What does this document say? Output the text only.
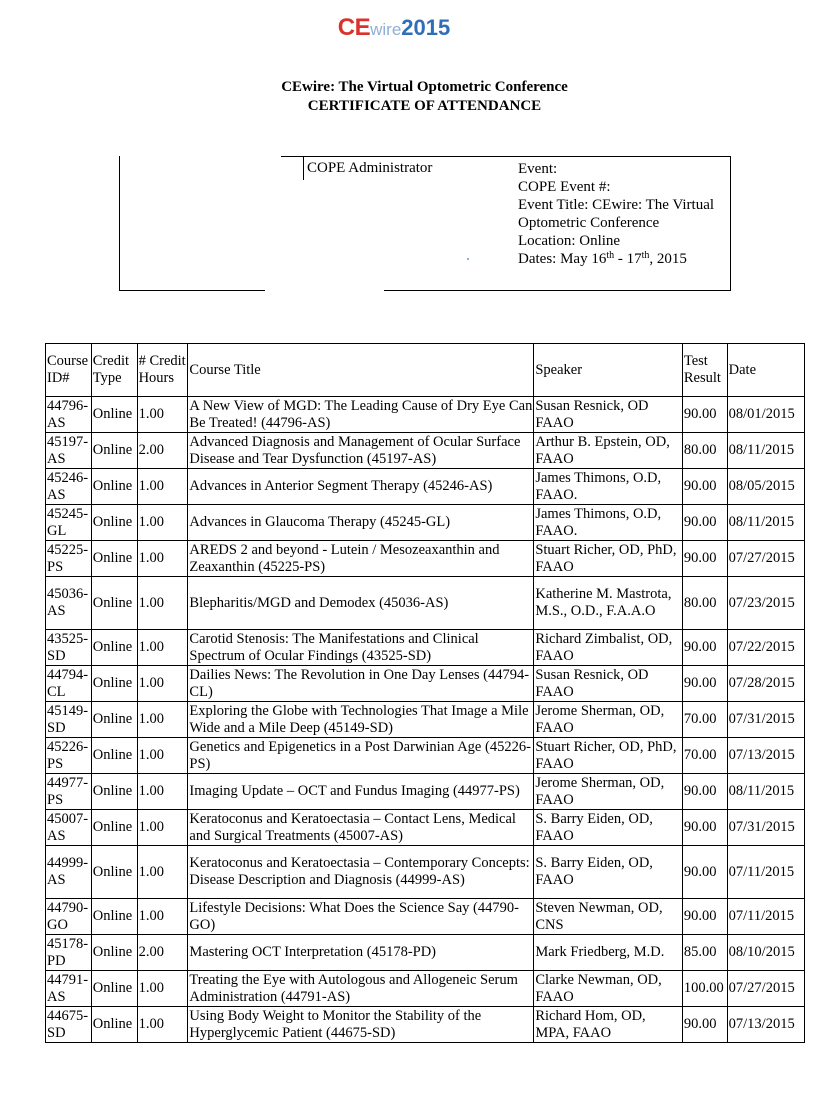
CEwire2015
CEwire: The Virtual Optometric Conference
CERTIFICATE OF ATTENDANCE
COPE Administrator	Event:
COPE Event #:
Event Title: CEwire: The Virtual Optometric Conference
Location: Online
Dates: May 16th - 17th, 2015
Course ID#	Credit Type	# Credit Hours	Course Title	Speaker	Test Result	Date
44796-AS	Online	1.00	A New View of MGD: The Leading Cause of Dry Eye Can Be Treated! (44796-AS)	Susan Resnick, OD FAAO	90.00	08/01/2015
45197-AS	Online	2.00	Advanced Diagnosis and Management of Ocular Surface Disease and Tear Dysfunction (45197-AS)	Arthur B. Epstein, OD, FAAO	80.00	08/11/2015
45246-AS	Online	1.00	Advances in Anterior Segment Therapy (45246-AS)	James Thimons, O.D, FAAO.	90.00	08/05/2015
45245-GL	Online	1.00	Advances in Glaucoma Therapy (45245-GL)	James Thimons, O.D, FAAO.	90.00	08/11/2015
45225-PS	Online	1.00	AREDS 2 and beyond - Lutein / Mesozeaxanthin and Zeaxanthin (45225-PS)	Stuart Richer, OD, PhD, FAAO	90.00	07/27/2015
45036-AS	Online	1.00	Blepharitis/MGD and Demodex (45036-AS)	Katherine M. Mastrota, M.S., O.D., F.A.A.O	80.00	07/23/2015
43525-SD	Online	1.00	Carotid Stenosis: The Manifestations and Clinical Spectrum of Ocular Findings (43525-SD)	Richard Zimbalist, OD, FAAO	90.00	07/22/2015
44794-CL	Online	1.00	Dailies News: The Revolution in One Day Lenses (44794-CL)	Susan Resnick, OD FAAO	90.00	07/28/2015
45149-SD	Online	1.00	Exploring the Globe with Technologies That Image a Mile Wide and a Mile Deep (45149-SD)	Jerome Sherman, OD, FAAO	70.00	07/31/2015
45226-PS	Online	1.00	Genetics and Epigenetics in a Post Darwinian Age (45226-PS)	Stuart Richer, OD, PhD, FAAO	70.00	07/13/2015
44977-PS	Online	1.00	Imaging Update – OCT and Fundus Imaging (44977-PS)	Jerome Sherman, OD, FAAO	90.00	08/11/2015
45007-AS	Online	1.00	Keratoconus and Keratoectasia – Contact Lens, Medical and Surgical Treatments (45007-AS)	S. Barry Eiden, OD, FAAO	90.00	07/31/2015
44999-AS	Online	1.00	Keratoconus and Keratoectasia – Contemporary Concepts: Disease Description and Diagnosis (44999-AS)	S. Barry Eiden, OD, FAAO	90.00	07/11/2015
44790-GO	Online	1.00	Lifestyle Decisions: What Does the Science Say (44790-GO)	Steven Newman, OD, CNS	90.00	07/11/2015
45178-PD	Online	2.00	Mastering OCT Interpretation (45178-PD)	Mark Friedberg, M.D.	85.00	08/10/2015
44791-AS	Online	1.00	Treating the Eye with Autologous and Allogeneic Serum Administration (44791-AS)	Clarke Newman, OD, FAAO	100.00	07/27/2015
44675-SD	Online	1.00	Using Body Weight to Monitor the Stability of the Hyperglycemic Patient (44675-SD)	Richard Hom, OD, MPA, FAAO	90.00	07/13/2015
